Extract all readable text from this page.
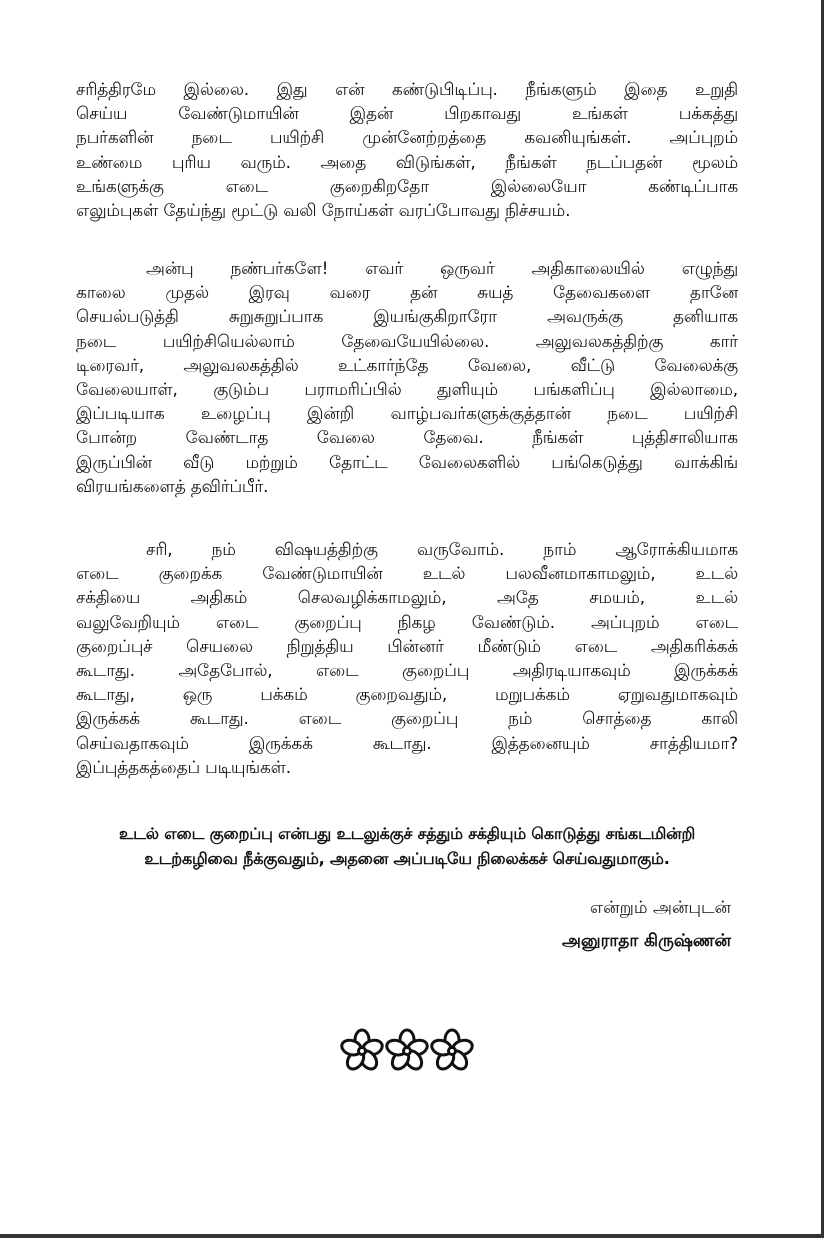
சரித்திரமே இல்லை. இது என் கண்டுபிடிப்பு. நீங்களும் இதை உறுதி
செய்ய வேண்டுமாயின் இதன் பிறகாவது உங்கள் பக்கத்து
நபர்களின் நடை பயிற்சி முன்னேற்றத்தை கவனியுங்கள். அப்புறம்
உண்மை புரிய வரும். அதை விடுங்கள், நீங்கள் நடப்பதன் மூலம்
உங்களுக்கு எடை குறைகிறதோ இல்லையோ கண்டிப்பாக
எலும்புகள் தேய்ந்து மூட்டு வலி நோய்கள் வரப்போவது நிச்சயம்.
அன்பு நண்பர்களே! எவர் ஒருவர் அதிகாலையில் எழுந்து
காலை முதல் இரவு வரை தன் சுயத் தேவைகளை தானே
செயல்படுத்தி சுறுசுறுப்பாக இயங்குகிறாரோ அவருக்கு தனியாக
நடை பயிற்சியெல்லாம் தேவையேயில்லை. அலுவலகத்திற்கு கார்
டிரைவர், அலுவலகத்தில் உட்கார்ந்தே வேலை, வீட்டு வேலைக்கு
வேலையாள், குடும்ப பராமரிப்பில் துளியும் பங்களிப்பு இல்லாமை,
இப்படியாக உழைப்பு இன்றி வாழ்பவர்களுக்குத்தான் நடை பயிற்சி
போன்ற வேண்டாத வேலை தேவை. நீங்கள் புத்திசாலியாக
இருப்பின் வீடு மற்றும் தோட்ட வேலைகளில் பங்கெடுத்து வாக்கிங்
விரயங்களைத் தவிர்ப்பீர்.
சரி, நம் விஷயத்திற்கு வருவோம். நாம் ஆரோக்கியமாக
எடை குறைக்க வேண்டுமாயின் உடல் பலவீனமாகாமலும், உடல்
சக்தியை அதிகம் செலவழிக்காமலும், அதே சமயம், உடல்
வலுவேறியும் எடை குறைப்பு நிகழ வேண்டும். அப்புறம் எடை
குறைப்புச் செயலை நிறுத்திய பின்னர் மீண்டும் எடை அதிகரிக்கக்
கூடாது. அதேபோல், எடை குறைப்பு அதிரடியாகவும் இருக்கக்
கூடாது, ஒரு பக்கம் குறைவதும், மறுபக்கம் ஏறுவதுமாகவும்
இருக்கக் கூடாது. எடை குறைப்பு நம் சொத்தை காலி
செய்வதாகவும் இருக்கக் கூடாது. இத்தனையும் சாத்தியமா?
இப்புத்தகத்தைப் படியுங்கள்.
உடல் எடை குறைப்பு என்பது உடலுக்குச் சத்தும் சக்தியும் கொடுத்து சங்கடமின்றி
உடற்கழிவை நீக்குவதும், அதனை அப்படியே நிலைக்கச் செய்வதுமாகும்.
என்றும் அன்புடன்
அனுராதா கிருஷ்ணன்
